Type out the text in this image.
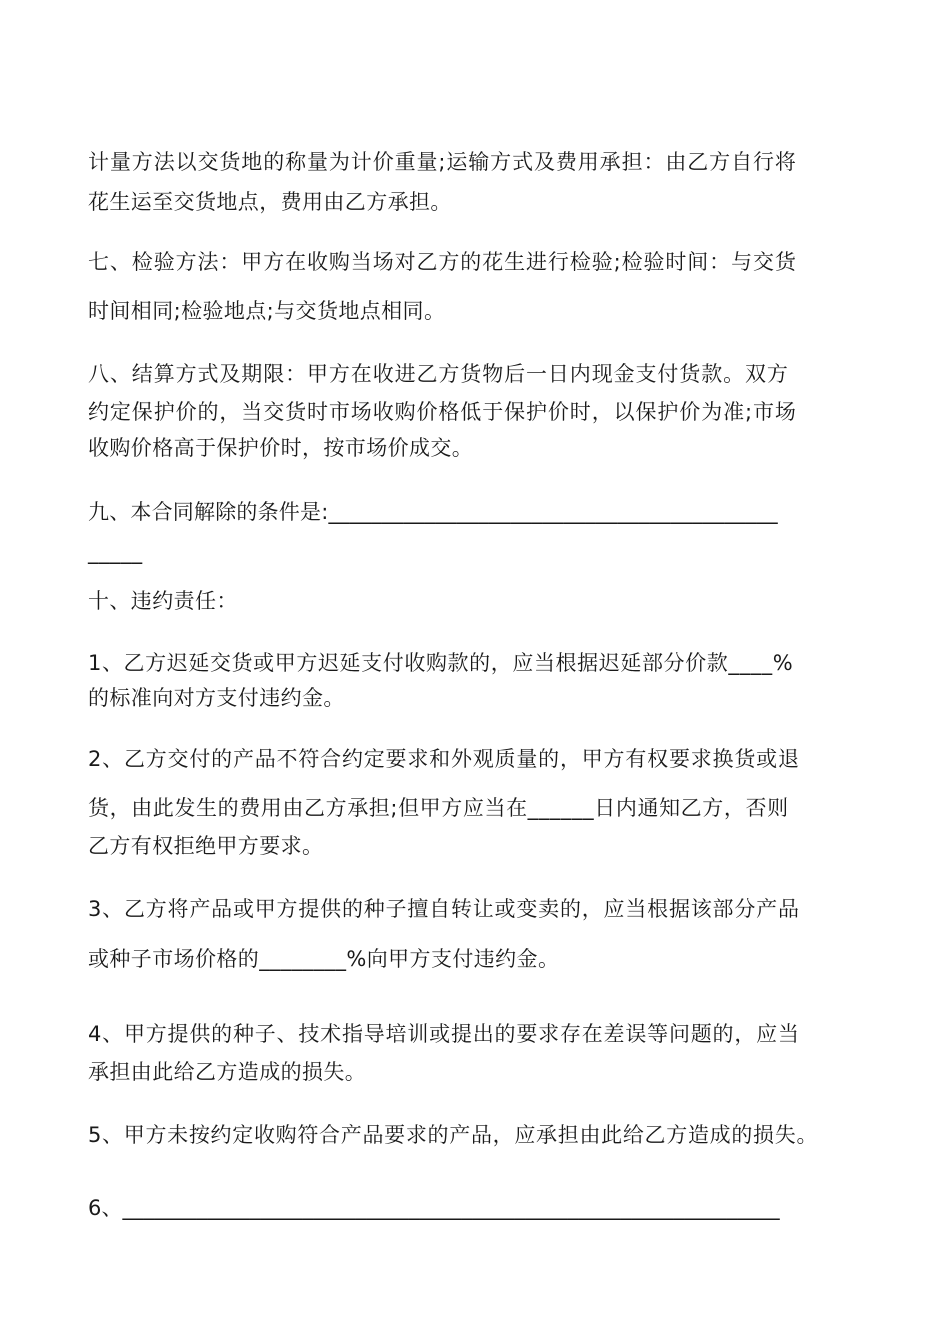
计量方法以交货地的称量为计价重量;运输方式及费用承担：由乙方自行将
花生运至交货地点，费用由乙方承担。
七、检验方法：甲方在收购当场对乙方的花生进行检验;检验时间：与交货
时间相同;检验地点;与交货地点相同。
八、结算方式及期限：甲方在收进乙方货物后一日内现金支付货款。双方
约定保护价的，当交货时市场收购价格低于保护价时，以保护价为准;市场
收购价格高于保护价时，按市场价成交。
九、本合同解除的条件是:__________________________________________
_____
十、违约责任：
1、乙方迟延交货或甲方迟延支付收购款的，应当根据迟延部分价款____%
的标准向对方支付违约金。
2、乙方交付的产品不符合约定要求和外观质量的，甲方有权要求换货或退
货，由此发生的费用由乙方承担;但甲方应当在______日内通知乙方，否则
乙方有权拒绝甲方要求。
3、乙方将产品或甲方提供的种子擅自转让或变卖的，应当根据该部分产品
或种子市场价格的________%向甲方支付违约金。
4、甲方提供的种子、技术指导培训或提出的要求存在差误等问题的，应当
承担由此给乙方造成的损失。
5、甲方未按约定收购符合产品要求的产品，应承担由此给乙方造成的损失。
6、______________________________________________________________
